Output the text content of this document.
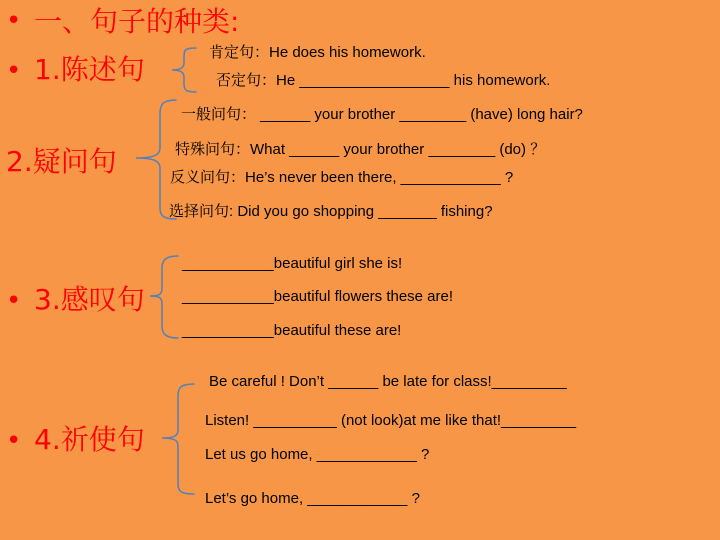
• 一、句子的种类:
• 1.陈述句
肯定句：He does his homework.
否定句：He __________________ his homework.
2.疑问句
一般问句： ______ your brother ________ (have) long hair?
特殊问句：What ______ your brother ________ (do) ？
反义问句：He’s never been there, ____________ ?
选择问句: Did you go shopping _______ fishing?
• 3.感叹句
___________beautiful girl she is!
___________beautiful flowers these are!
___________beautiful these are!
• 4.祈使句
Be careful ! Don’t ______ be late for class!_________
Listen! __________ (not look)at me like that!_________
Let us go home, ____________ ?
Let’s go home, ____________ ?
